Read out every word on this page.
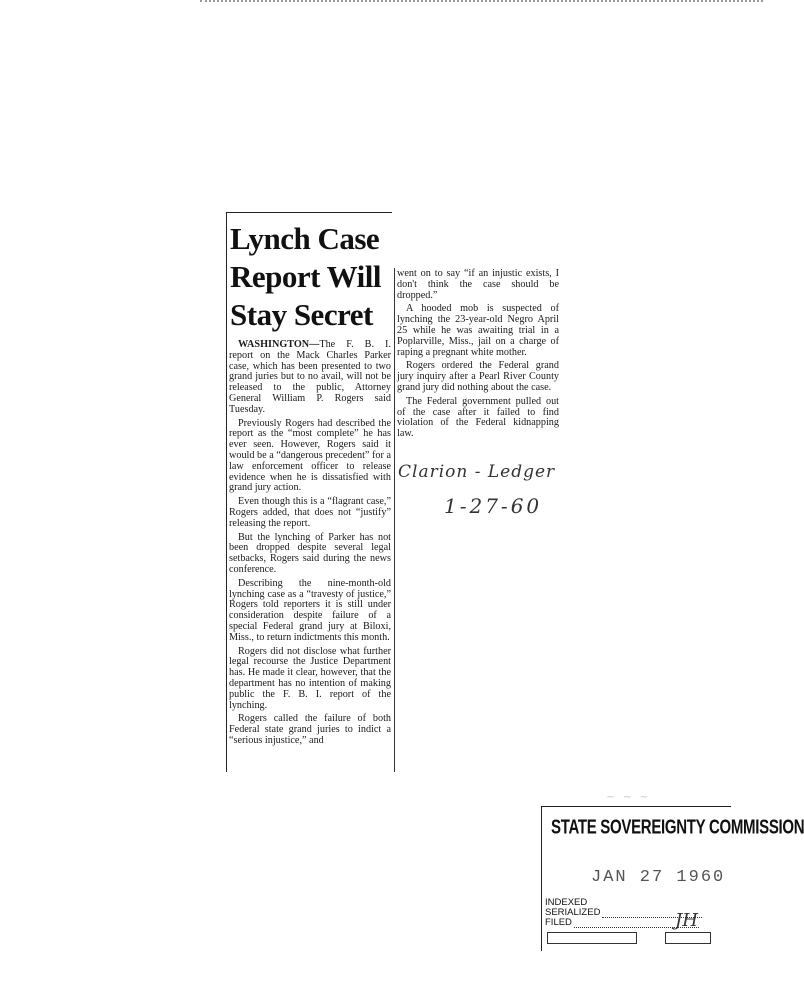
Lynch Case
Report Will
Stay Secret

WASHINGTON—The F. B. I. report on the Mack Charles Parker case, which has been presented to two grand juries but to no avail, will not be released to the public, Attorney General William P. Rogers said Tuesday.

Previously Rogers had described the report as the “most complete” he has ever seen. However, Rogers said it would be a “dangerous precedent” for a law enforcement officer to release evidence when he is dissatisfied with grand jury action.

Even though this is a “flagrant case,” Rogers added, that does not “justify” releasing the report.

But the lynching of Parker has not been dropped despite several legal setbacks, Rogers said during the news conference.

Describing the nine-month-old lynching case as a “travesty of justice,” Rogers told reporters it is still under consideration despite failure of a special Federal grand jury at Biloxi, Miss., to return indictments this month.

Rogers did not disclose what further legal recourse the Justice Department has. He made it clear, however, that the department has no intention of making public the F. B. I. report of the lynching.

Rogers called the failure of both Federal state grand juries to indict a “serious injustice,” and

went on to say “if an injustic exists, I don't think the case should be dropped.”

A hooded mob is suspected of lynching the 23-year-old Negro April 25 while he was awaiting trial in a Poplarville, Miss., jail on a charge of raping a pregnant white mother.

Rogers ordered the Federal grand jury inquiry after a Pearl River County grand jury did nothing about the case.

The Federal government pulled out of the case after it failed to find violation of the Federal kidnapping law.

Clarion - Ledger
1-27-60
~ ~ ~
STATE SOVEREIGNTY COMMISSION
JAN 27 1960
INDEXED
SERIALIZED
FILED	JH
